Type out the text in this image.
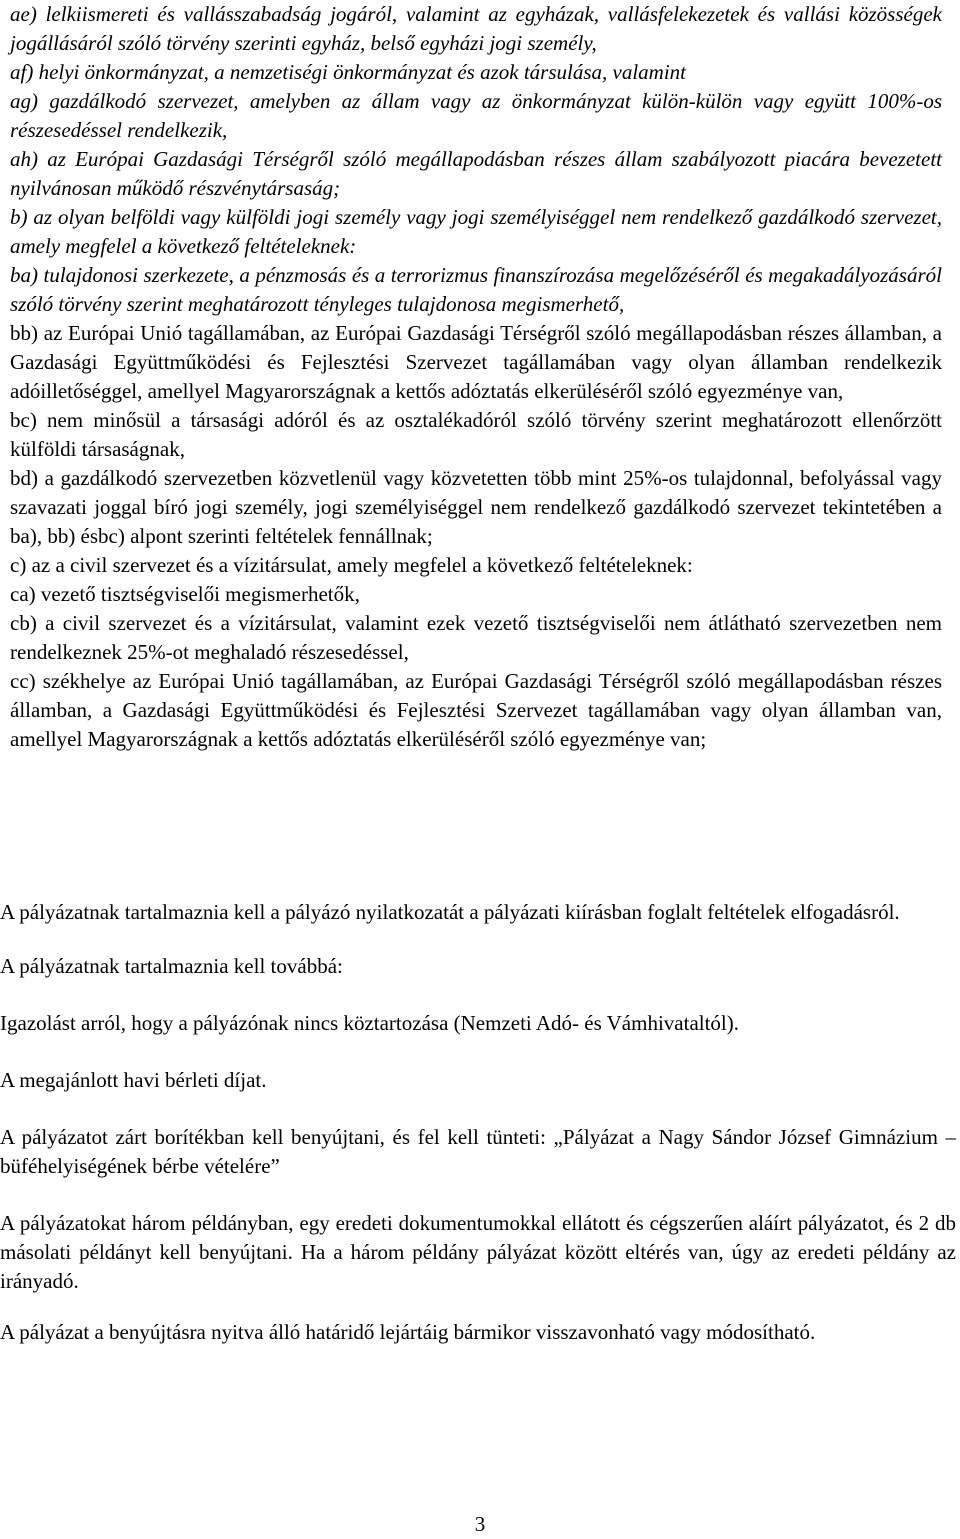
ae) lelkiismereti és vallásszabadság jogáról, valamint az egyházak, vallásfelekezetek és vallási közösségek jogállásáról szóló törvény szerinti egyház, belső egyházi jogi személy,

af) helyi önkormányzat, a nemzetiségi önkormányzat és azok társulása, valamint

ag) gazdálkodó szervezet, amelyben az állam vagy az önkormányzat külön-külön vagy együtt 100%-os részesedéssel rendelkezik,

ah) az Európai Gazdasági Térségről szóló megállapodásban részes állam szabályozott piacára bevezetett nyilvánosan működő részvénytársaság;

b) az olyan belföldi vagy külföldi jogi személy vagy jogi személyiséggel nem rendelkező gazdálkodó szervezet, amely megfelel a következő feltételeknek:

ba) tulajdonosi szerkezete, a pénzmosás és a terrorizmus finanszírozása megelőzéséről és megakadályozásáról szóló törvény szerint meghatározott tényleges tulajdonosa megismerhető,

bb) az Európai Unió tagállamában, az Európai Gazdasági Térségről szóló megállapodásban részes államban, a Gazdasági Együttműködési és Fejlesztési Szervezet tagállamában vagy olyan államban rendelkezik adóilletőséggel, amellyel Magyarországnak a kettős adóztatás elkerüléséről szóló egyezménye van,

bc) nem minősül a társasági adóról és az osztalékadóról szóló törvény szerint meghatározott ellenőrzött külföldi társaságnak,

bd) a gazdálkodó szervezetben közvetlenül vagy közvetetten több mint 25%-os tulajdonnal, befolyással vagy szavazati joggal bíró jogi személy, jogi személyiséggel nem rendelkező gazdálkodó szervezet tekintetében a ba), bb) ésbc) alpont szerinti feltételek fennállnak;

c) az a civil szervezet és a vízitársulat, amely megfelel a következő feltételeknek:

ca) vezető tisztségviselői megismerhetők,

cb) a civil szervezet és a vízitársulat, valamint ezek vezető tisztségviselői nem átlátható szervezetben nem rendelkeznek 25%-ot meghaladó részesedéssel,

cc) székhelye az Európai Unió tagállamában, az Európai Gazdasági Térségről szóló megállapodásban részes államban, a Gazdasági Együttműködési és Fejlesztési Szervezet tagállamában vagy olyan államban van, amellyel Magyarországnak a kettős adóztatás elkerüléséről szóló egyezménye van;

A pályázatnak tartalmaznia kell a pályázó nyilatkozatát a pályázati kiírásban foglalt feltételek elfogadásról.

A pályázatnak tartalmaznia kell továbbá:

Igazolást arról, hogy a pályázónak nincs köztartozása (Nemzeti Adó- és Vámhivataltól).

A megajánlott havi bérleti díjat.

A pályázatot zárt borítékban kell benyújtani, és fel kell tünteti: „Pályázat a Nagy Sándor József Gimnázium – büféhelyiségének bérbe vételére”

A pályázatokat három példányban, egy eredeti dokumentumokkal ellátott és cégszerűen aláírt pályázatot, és 2 db másolati példányt kell benyújtani. Ha a három példány pályázat között eltérés van, úgy az eredeti példány az irányadó.

A pályázat a benyújtásra nyitva álló határidő lejártáig bármikor visszavonható vagy módosítható.

3
